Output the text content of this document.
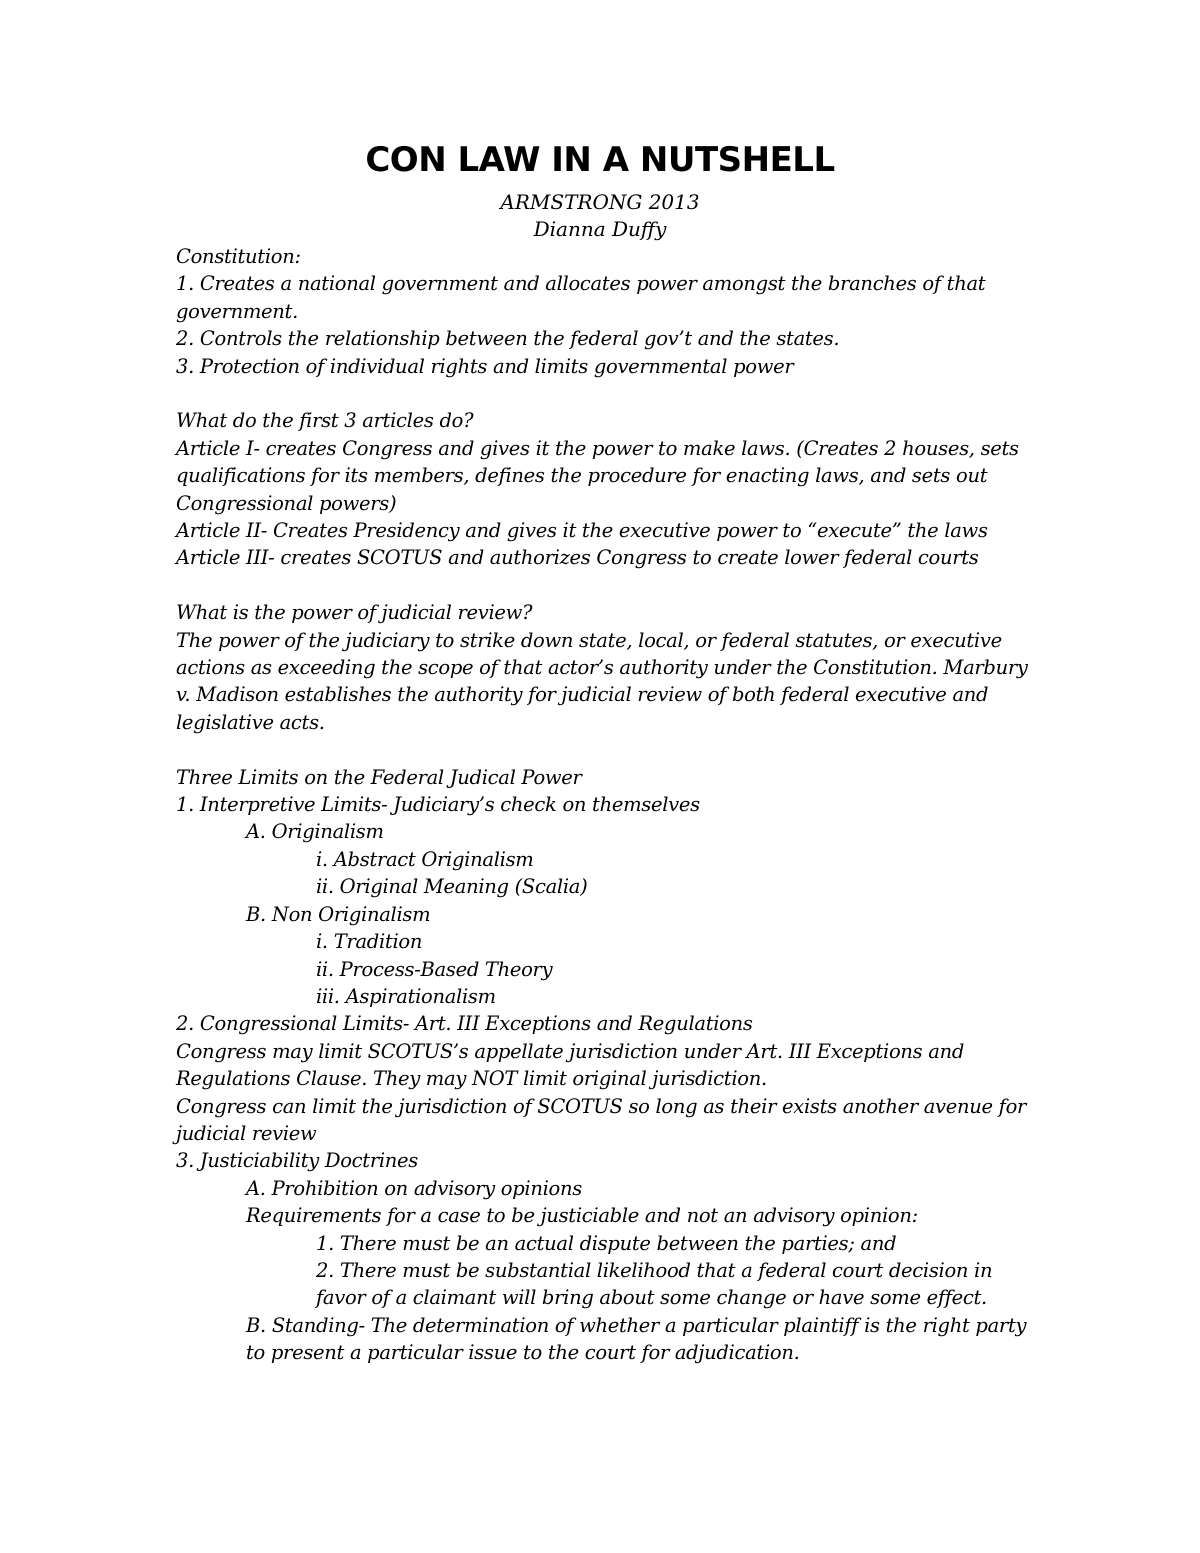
CON LAW IN A NUTSHELL
ARMSTRONG 2013
Dianna Duffy

Constitution:

1. Creates a national government and allocates power amongst the branches of that government.

2. Controls the relationship between the federal gov’t and the states.

3. Protection of individual rights and limits governmental power

What do the first 3 articles do?

Article I- creates Congress and gives it the power to make laws. (Creates 2 houses, sets qualifications for its members, defines the procedure for enacting laws, and sets out Congressional powers)

Article II- Creates Presidency and gives it the executive power to “execute” the laws

Article III- creates SCOTUS and authorizes Congress to create lower federal courts

What is the power of judicial review?

The power of the judiciary to strike down state, local, or federal statutes, or executive actions as exceeding the scope of that actor’s authority under the Constitution. Marbury v. Madison establishes the authority for judicial review of both federal executive and legislative acts.

Three Limits on the Federal Judical Power

1. Interpretive Limits- Judiciary’s check on themselves

A. Originalism

i. Abstract Originalism

ii. Original Meaning (Scalia)

B. Non Originalism

i. Tradition

ii. Process-Based Theory

iii. Aspirationalism

2. Congressional Limits- Art. III Exceptions and Regulations

Congress may limit SCOTUS’s appellate jurisdiction under Art. III Exceptions and Regulations Clause. They may NOT limit original jurisdiction.

Congress can limit the jurisdiction of SCOTUS so long as their exists another avenue for judicial review

3. Justiciability Doctrines

A. Prohibition on advisory opinions

Requirements for a case to be justiciable and not an advisory opinion:

1. There must be an actual dispute between the parties; and

2. There must be substantial likelihood that a federal court decision in favor of a claimant will bring about some change or have some effect.

B. Standing- The determination of whether a particular plaintiff is the right party to present a particular issue to the court for adjudication.
